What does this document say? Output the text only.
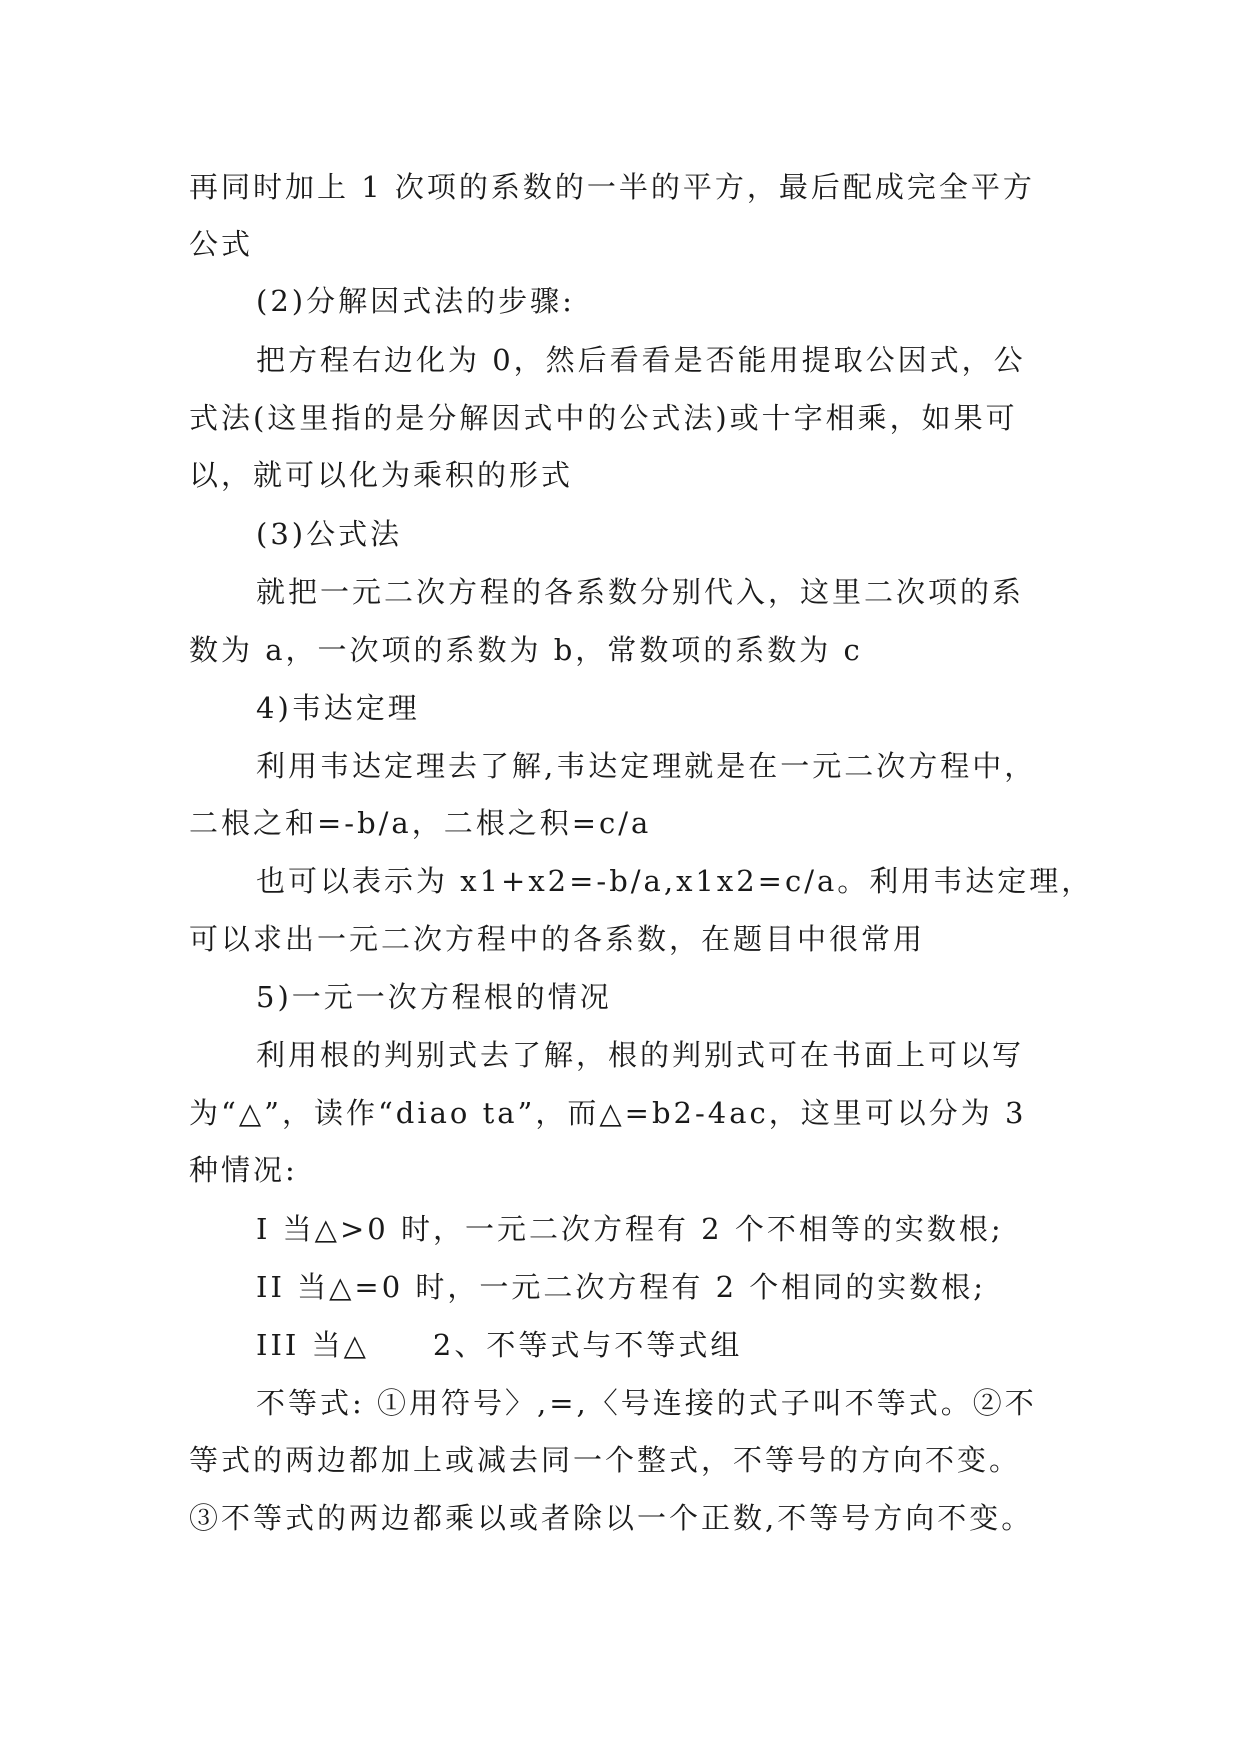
再同时加上 1 次项的系数的一半的平方，最后配成完全平方
公式
(2)分解因式法的步骤:
把方程右边化为 0，然后看看是否能用提取公因式，公
式法(这里指的是分解因式中的公式法)或十字相乘，如果可
以，就可以化为乘积的形式
(3)公式法
就把一元二次方程的各系数分别代入，这里二次项的系
数为 a，一次项的系数为 b，常数项的系数为 c
4)韦达定理
利用韦达定理去了解,韦达定理就是在一元二次方程中，
二根之和=-b/a，二根之积=c/a
也可以表示为 x1+x2=-b/a,x1x2=c/a。利用韦达定理，
可以求出一元二次方程中的各系数，在题目中很常用
5)一元一次方程根的情况
利用根的判别式去了解，根的判别式可在书面上可以写
为“△”，读作“diao ta”，而△=b2-4ac，这里可以分为 3
种情况:
I 当△>0 时，一元二次方程有 2 个不相等的实数根;
II 当△=0 时，一元二次方程有 2 个相同的实数根;
III 当△　　2、不等式与不等式组
不等式: ①用符号〉,=,〈号连接的式子叫不等式。②不
等式的两边都加上或减去同一个整式，不等号的方向不变。
③不等式的两边都乘以或者除以一个正数,不等号方向不变。
